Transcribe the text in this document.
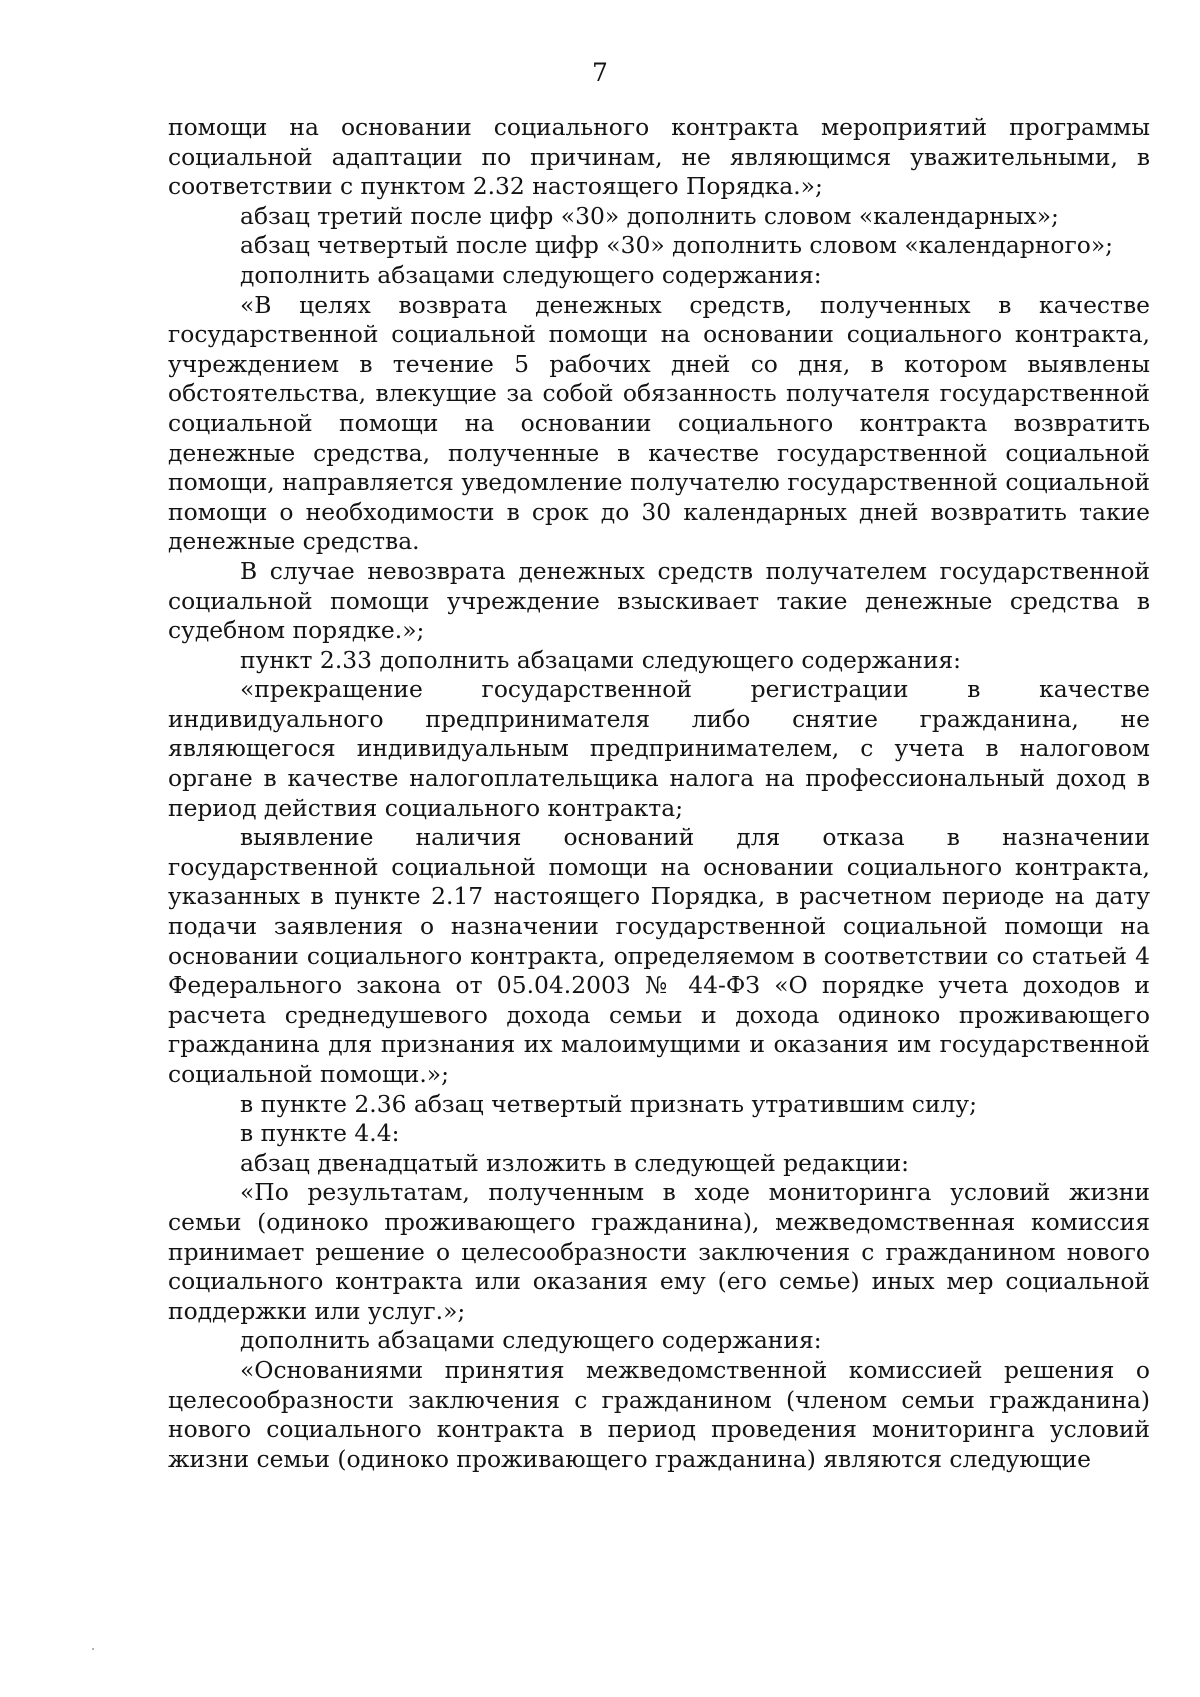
7

помощи на основании социального контракта мероприятий программы социальной адаптации по причинам, не являющимся уважительными, в соответствии с пунктом 2.32 настоящего Порядка.»;

абзац третий после цифр «30» дополнить словом «календарных»;

абзац четвертый после цифр «30» дополнить словом «календарного»;

дополнить абзацами следующего содержания:

«В целях возврата денежных средств, полученных в качестве государственной социальной помощи на основании социального контракта, учреждением в течение 5 рабочих дней со дня, в котором выявлены обстоятельства, влекущие за собой обязанность получателя государственной социальной помощи на основании социального контракта возвратить денежные средства, полученные в качестве государственной социальной помощи, направляется уведомление получателю государственной социальной помощи о необходимости в срок до 30 календарных дней возвратить такие денежные средства.

В случае невозврата денежных средств получателем государственной социальной помощи учреждение взыскивает такие денежные средства в судебном порядке.»;

пункт 2.33 дополнить абзацами следующего содержания:

«прекращение государственной регистрации в качестве индивидуального предпринимателя либо снятие гражданина, не являющегося индивидуальным предпринимателем, с учета в налоговом органе в качестве налогоплательщика налога на профессиональный доход в период действия социального контракта;

выявление наличия оснований для отказа в назначении государственной социальной помощи на основании социального контракта, указанных в пункте 2.17 настоящего Порядка, в расчетном периоде на дату подачи заявления о назначении государственной социальной помощи на основании социального контракта, определяемом в соответствии со статьей 4 Федерального закона от 05.04.2003 № 44-ФЗ «О порядке учета доходов и расчета среднедушевого дохода семьи и дохода одиноко проживающего гражданина для признания их малоимущими и оказания им государственной социальной помощи.»;

в пункте 2.36 абзац четвертый признать утратившим силу;

в пункте 4.4:

абзац двенадцатый изложить в следующей редакции:

«По результатам, полученным в ходе мониторинга условий жизни семьи (одиноко проживающего гражданина), межведомственная комиссия принимает решение о целесообразности заключения с гражданином нового социального контракта или оказания ему (его семье) иных мер социальной поддержки или услуг.»;

дополнить абзацами следующего содержания:

«Основаниями принятия межведомственной комиссией решения о целесообразности заключения с гражданином (членом семьи гражданина) нового социального контракта в период проведения мониторинга условий жизни семьи (одиноко проживающего гражданина) являются следующие
